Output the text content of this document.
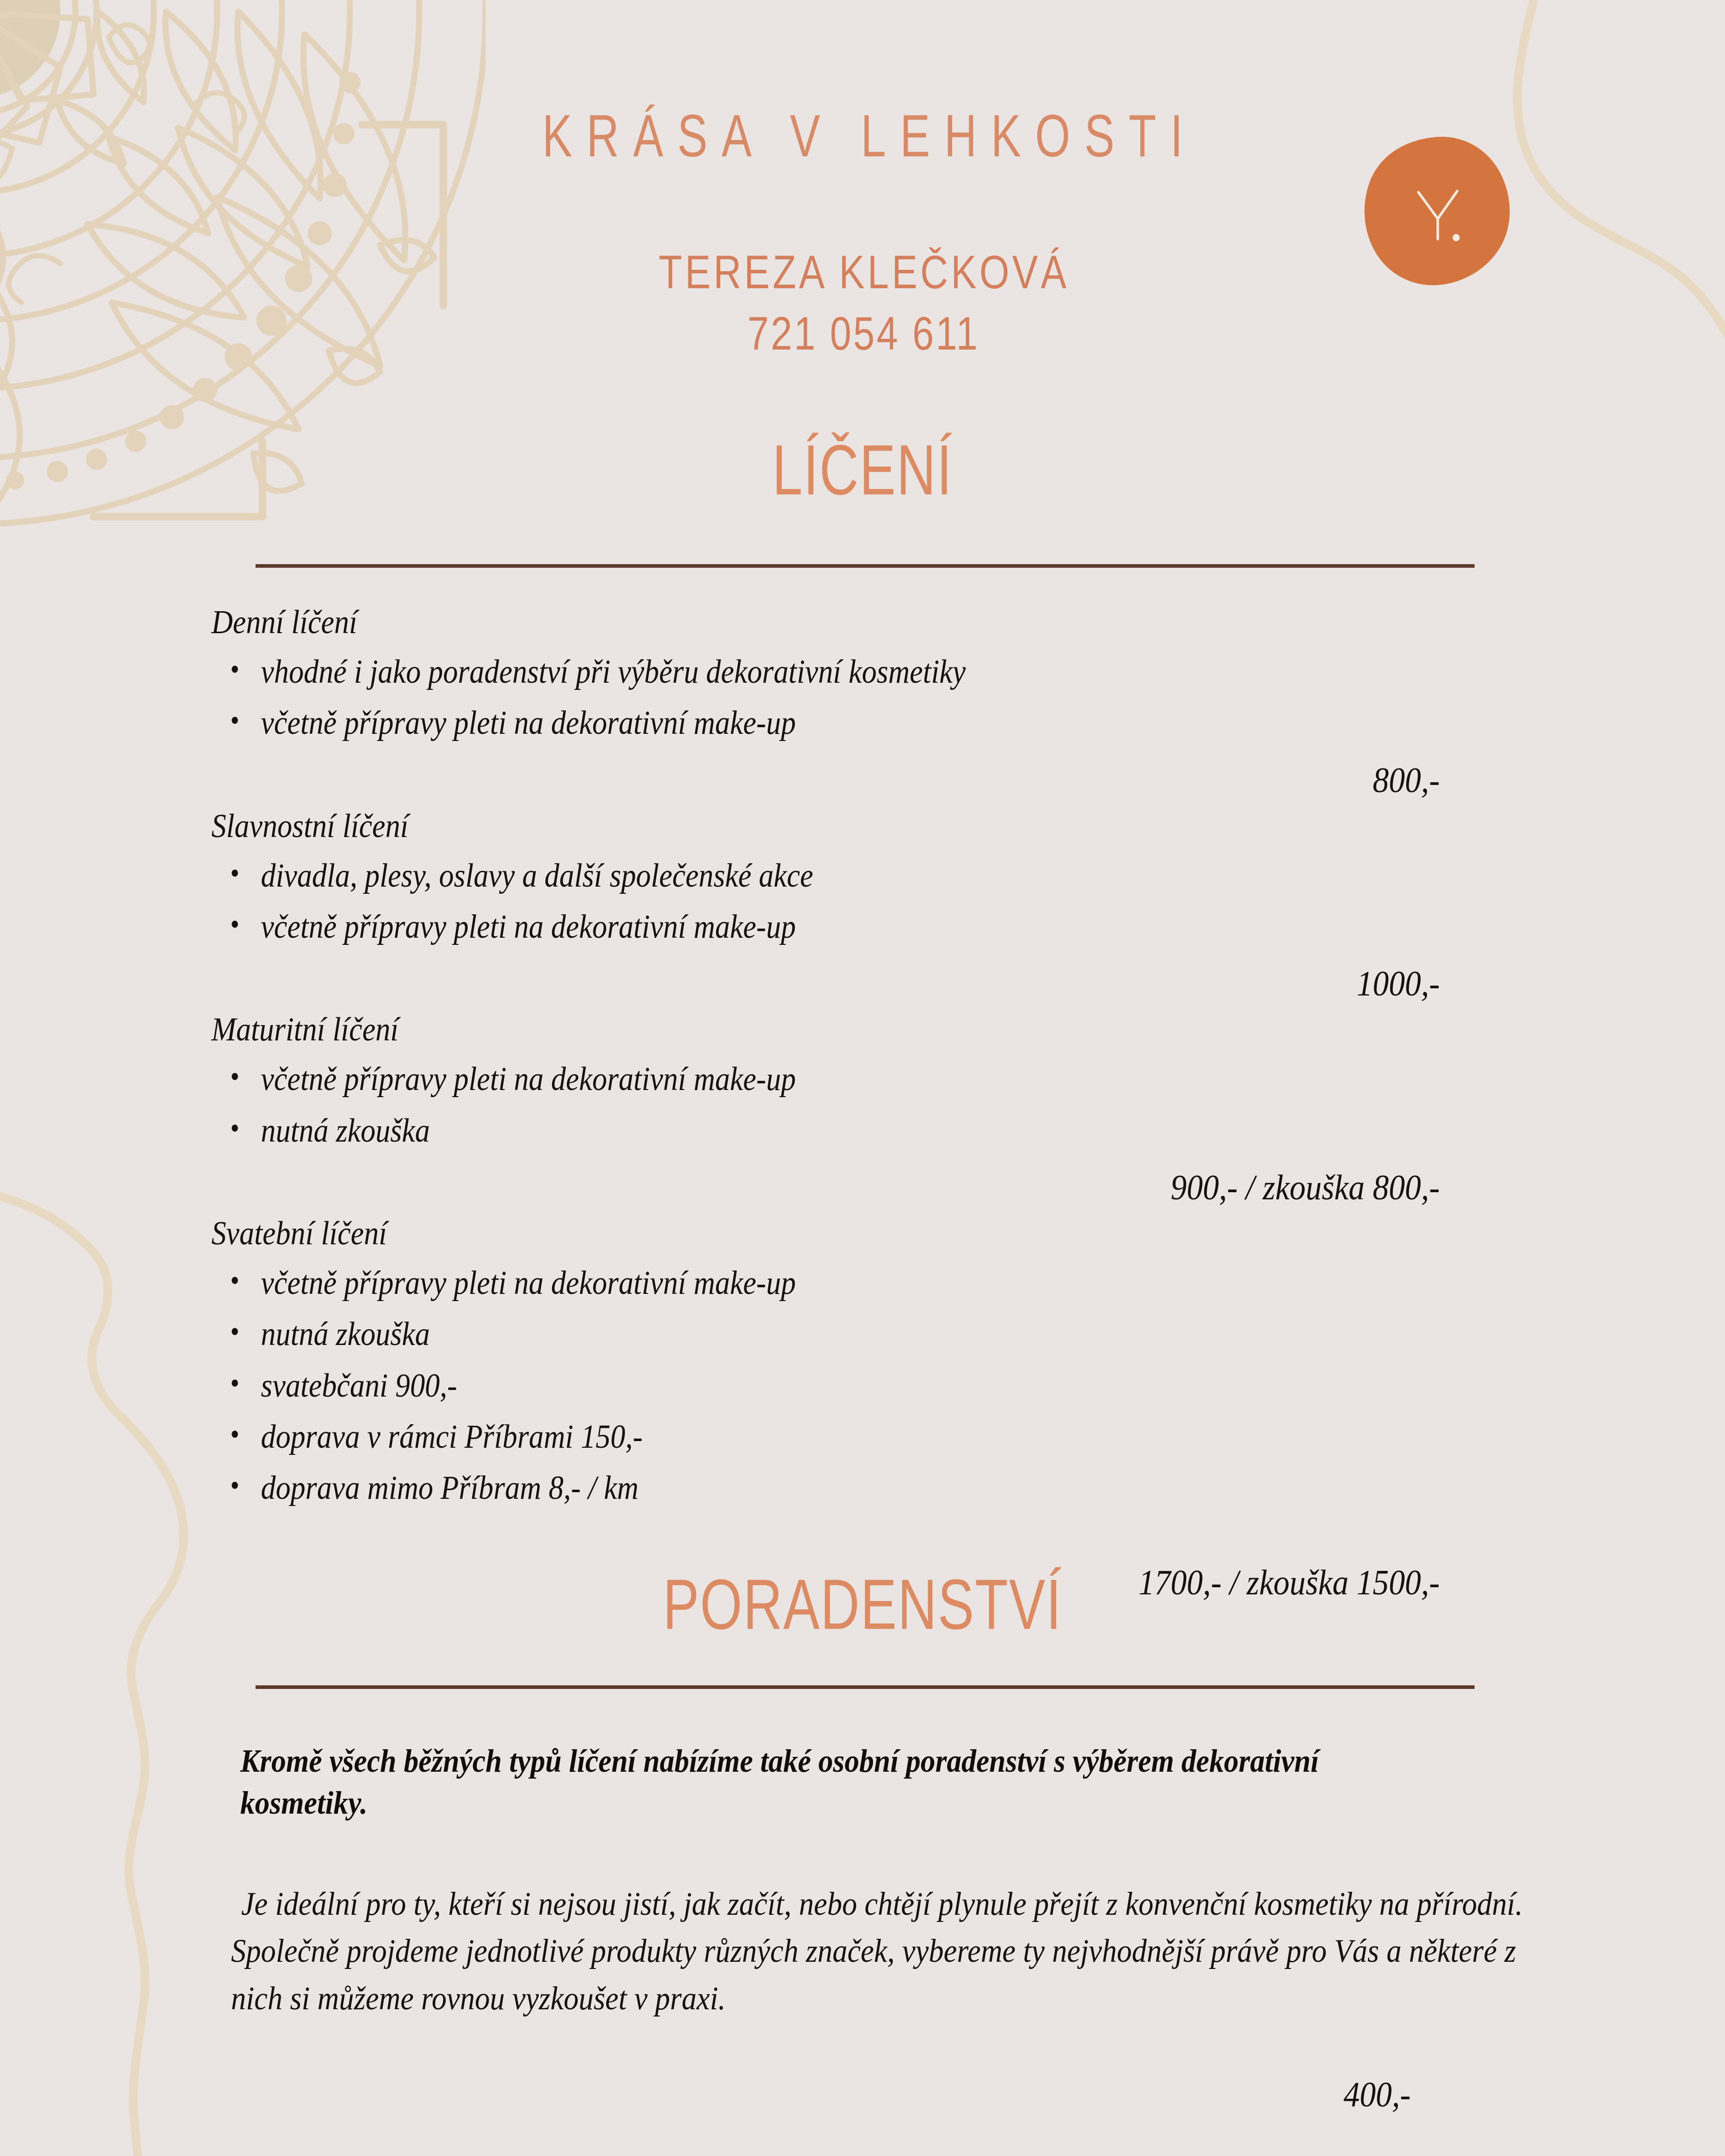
KRÁSA V LEHKOSTI
TEREZA KLEČKOVÁ
721 054 611
LÍČENÍ
Denní líčení
• vhodné i jako poradenství při výběru dekorativní kosmetiky
• včetně přípravy pleti na dekorativní make-up
800,-
Slavnostní líčení
• divadla, plesy, oslavy a další společenské akce
• včetně přípravy pleti na dekorativní make-up
1000,-
Maturitní líčení
• včetně přípravy pleti na dekorativní make-up
• nutná zkouška
900,- / zkouška 800,-
Svatební líčení
• včetně přípravy pleti na dekorativní make-up
• nutná zkouška
• svatebčani 900,-
• doprava v rámci Příbrami 150,-
• doprava mimo Příbram 8,- / km
1700,- / zkouška 1500,-
PORADENSTVÍ
Kromě všech běžných typů líčení nabízíme také osobní poradenství s výběrem dekorativní kosmetiky.
Je ideální pro ty, kteří si nejsou jistí, jak začít, nebo chtějí plynule přejít z konvenční kosmetiky na přírodní. Společně projdeme jednotlivé produkty různých značek, vybereme ty nejvhodnější právě pro Vás a některé z nich si můžeme rovnou vyzkoušet v praxi.
400,-
